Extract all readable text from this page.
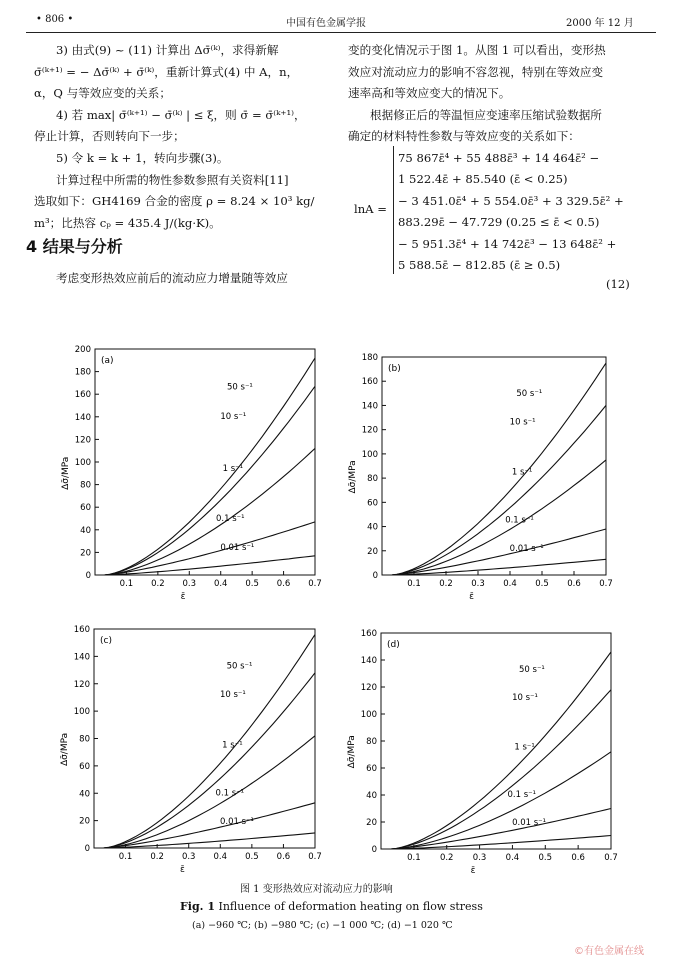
• 806 •	中国有色金属学报	2000 年 12 月

3) 由式(9) ~ (11) 计算出 Δσ̄⁽ᵏ⁾，求得新解

σ̄⁽ᵏ⁺¹⁾ = − Δσ̄⁽ᵏ⁾ + σ̄⁽ᵏ⁾，重新计算式(4) 中 A，n，

α，Q 与等效应变的关系；

4) 若 max| σ̄⁽ᵏ⁺¹⁾ − σ̄⁽ᵏ⁾ | ≤ ξ，则 σ̄ = σ̄⁽ᵏ⁺¹⁾，

停止计算，否则转向下一步；

5) 令 k = k + 1，转向步骤(3)。

计算过程中所需的物性参数参照有关资料[11]

选取如下：GH4169 合金的密度 ρ = 8.24 × 10³ kg/

m³；比热容 cₚ = 435.4 J/(kg·K)。

4 结果与分析

考虑变形热效应前后的流动应力增量随等效应

变的变化情况示于图 1。从图 1 可以看出，变形热

效应对流动应力的影响不容忽视，特别在等效应变

速率高和等效应变大的情况下。

根据修正后的等温恒应变速率压缩试验数据所

确定的材料特性参数与等效应变的关系如下：

lnA =

75 867ε̄⁴ + 55 488ε̄³ + 14 464ε̄² −

1 522.4ε̄ + 85.540 (ε̄ < 0.25)

− 3 451.0ε̄⁴ + 5 554.0ε̄³ + 3 329.5ε̄² +

883.29ε̄ − 47.729 (0.25 ≤ ε̄ < 0.5)

− 5 951.3ε̄⁴ + 14 742ε̄³ − 13 648ε̄² +

5 588.5ε̄ − 812.85 (ε̄ ≥ 0.5)

(12)
0.1 0.2 0.3 0.4 0.5 0.6 0.7
0
20
40
60
80
100
120
140
160
180
200
ε̄
Δσ̄/MPa
(a)
50 s⁻¹
10 s⁻¹
1 s⁻¹
0.1 s⁻¹
0.01 s⁻¹
0.1 0.2 0.3 0.4 0.5 0.6 0.7
0
20
40
60
80
100
120
140
160
180
ε̄
Δσ̄/MPa
(b)
50 s⁻¹
10 s⁻¹
1 s⁻¹
0.1 s⁻¹
0.01 s⁻¹
0.1 0.2 0.3 0.4 0.5 0.6 0.7
0
20
40
60
80
100
120
140
160
ε̄
Δσ̄/MPa
(c)
50 s⁻¹
10 s⁻¹
1 s⁻¹
0.1 s⁻¹
0.01 s⁻¹
0.1 0.2 0.3 0.4 0.5 0.6 0.7
0
20
40
60
80
100
120
140
160
ε̄
Δσ̄/MPa
(d)
50 s⁻¹
10 s⁻¹
1 s⁻¹
0.1 s⁻¹
0.01 s⁻¹
图 1 变形热效应对流动应力的影响
Fig. 1 Influence of deformation heating on flow stress
(a) −960 ℃; (b) −980 ℃; (c) −1 000 ℃; (d) −1 020 ℃
©有色金属在线
